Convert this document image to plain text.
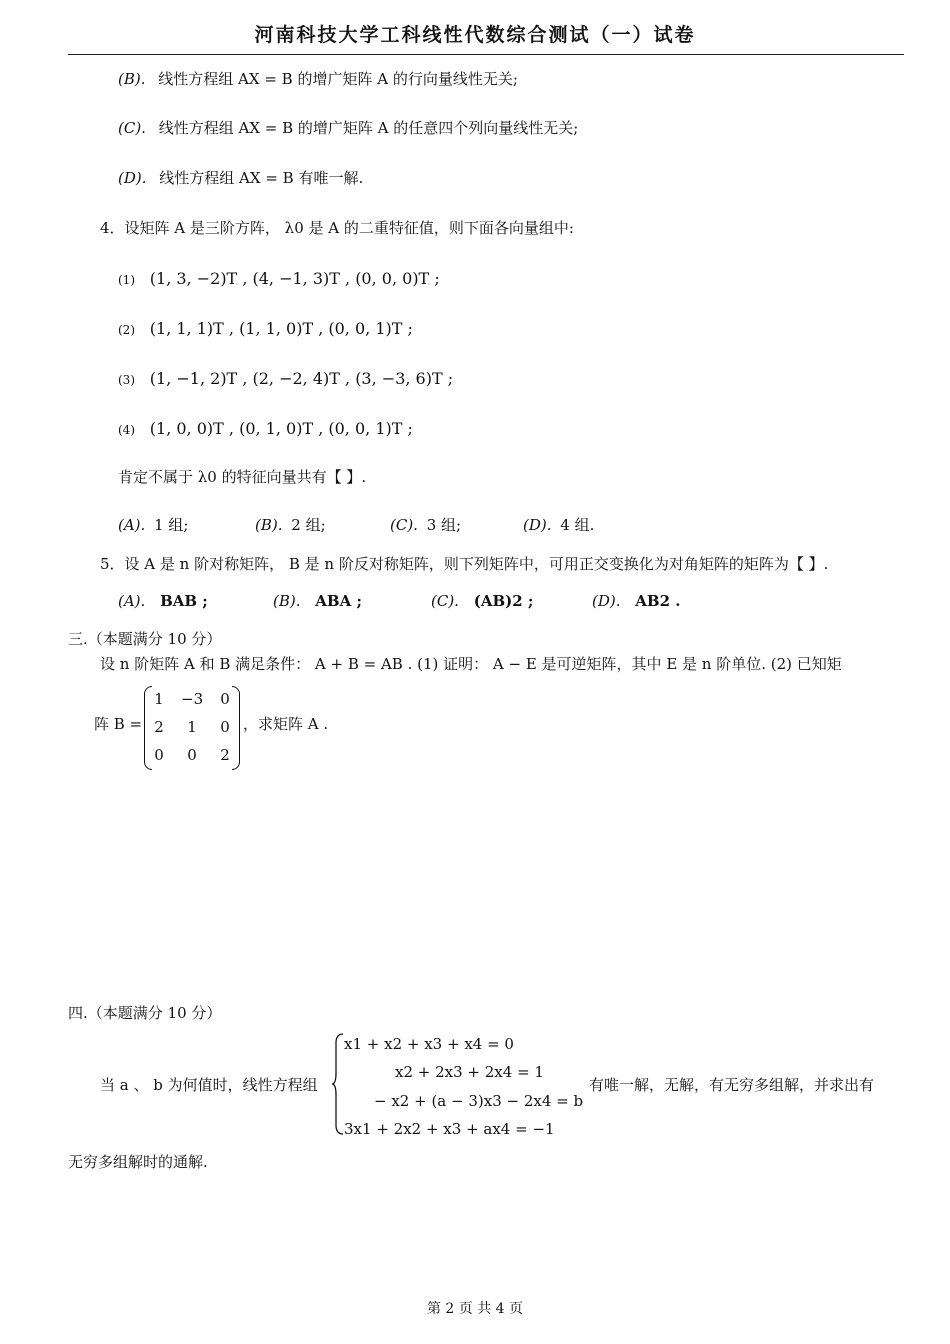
河南科技大学工科线性代数综合测试（一）试卷
(B). 线性方程组 AX = B 的增广矩阵 A 的行向量线性无关;
(C). 线性方程组 AX = B 的增广矩阵 A 的任意四个列向量线性无关;
(D). 线性方程组 AX = B 有唯一解.
4．设矩阵 A 是三阶方阵， λ0 是 A 的二重特征值，则下面各向量组中:
(1) (1, 3, −2)T , (4, −1, 3)T , (0, 0, 0)T ;
(2) (1, 1, 1)T , (1, 1, 0)T , (0, 0, 1)T ;
(3) (1, −1, 2)T , (2, −2, 4)T , (3, −3, 6)T ;
(4) (1, 0, 0)T , (0, 1, 0)T , (0, 0, 1)T ;
肯定不属于 λ0 的特征向量共有【 】.
(A). 1 组;	(B). 2 组;	(C). 3 组;	(D). 4 组.
5．设 A 是 n 阶对称矩阵， B 是 n 阶反对称矩阵，则下列矩阵中，可用正交变换化为对角矩阵的矩阵为【 】.
(A). BAB ;	(B). ABA ;	(C). (AB)2 ;	(D). AB2 .
三.（本题满分 10 分）
设 n 阶矩阵 A 和 B 满足条件： A + B = AB . (1) 证明： A − E 是可逆矩阵，其中 E 是 n 阶单位. (2) 已知矩
阵 B =
1	−3	0
2	1	0
0	0	2
，求矩阵 A .
四.（本题满分 10 分）
当 a 、 b 为何值时，线性方程组
x1 + x2 + x3 + x4 = 0
x2 + 2x3 + 2x4 = 1
− x2 + (a − 3)x3 − 2x4 = b
3x1 + 2x2 + x3 + ax4 = −1
有唯一解，无解，有无穷多组解，并求出有
无穷多组解时的通解.
第 2 页 共 4 页
